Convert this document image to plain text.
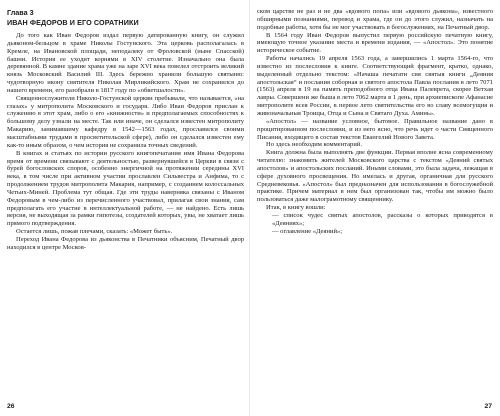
Глава 3
ИВАН ФЕДОРОВ И ЕГО СОРАТНИКИ

До того как Иван Федоров издал первую датированную книгу, он служил дьяконом-бельцом в храме Николы Гостунского. Эта церковь располагалась в Кремле, на Ивановской площади, неподалеку от Фроловской (ныне Спасской) башни. История ее уходит корнями в XIV столетие. Изначально она была деревянной. В камне здание храма уже на заре XVI века повелел отстроить великий князь Московский Василий III. Здесь бережно хранили большую святыню: чудотворную икону святителя Николая Мирликийского. Храм не сохранился до нашего времени, его разобрали в 1817 году по «обветшалости».

Священнослужители Николо-Гостунской церкви пребывали, что называется, «на глазах» у митрополита Московского и государя. Либо Иван Федоров прислан к служению в этот храм, либо о его «книжности» и предполагаемых способностях к большому делу узнали на месте. Так или иначе, он сделался известен митрополиту Макарию, занимавшему кафедру в 1542—1563 годах, прославился своими масштабными трудами в просветительской сфере), либо он сделался известен ему как-то иным образом, о чем история не сохранила точных сведений.

В книгах и статьях по истории русского книгопечатания имя Ивана Федорова время от времени связывают с деятельностью, развернувшейся в Церкви в связи с бурей богословских споров, особенно энергичной на протяжении середины XVI века, в том числе при активном участии прославлен Сильвестра и Анфима, то с продолжением трудов митрополита Макария, например, с созданием колоссальных Четьих-Миней. Проблема тут общая. Где эти труды наверняка связаны с Иваном Федоровым в чем-либо из перечисленного участвовал, прилагая свои знания, сам предполагать его участие в интеллектуальной работе, — не найдено. Есть лишь версия, не выходящая за рамки гипотезы, создателей которых, увы, не хватает лишь прямого подтверждения.

Остается лишь, пожав плечами, сказать: «Может быть».

Переход Ивана Федорова из дьяконства в Печатники объясним, Печатный двор находился в центре Москов-

26

ском царстве не раз и не два «вдового попа» или «вдового дьякона», известного обширными познаниями, перевод и храма, где он до этого служил, назначать на подобные работы, хотя бы не мог участвовать в богослужениях, на Печатный двор.

В 1564 году Иван Федоров выпустил первую российскую печатную книгу, имеющую точное указание места и времени издания, — «Апостол». Это понятие историческое событие.

Работы начались 19 апреля 1563 года, а завершились 1 марта 1564-го, что известно из послесловия к книге. Соответствующий фрагмент, кратко, однако, выделенный отдельно текстом: «Начаша печатати сия святыя книги „Деяния апостольская“ и послания соборная и святого апостола Павла послания в лето 7071 (1563) апреля в 19 на память преподобного отца Ивана Палеврета, скорее Ветхая лавры. Совершени же быша в лето 7062 марта в 1 день, при архиепископе Афанасие митрополите всея России, в первое лето святительства его во славу всемогущия и живоначальныя Троицы, Отца и Сына и Святаго Духа. Аминь».

«Апостол» — название условное, бытовое. Правильное название дано в процитированном послесловии, и из него ясно, что речь идет о части Священного Писания, входящего в состав текстов Евангелий Нового Завета.

Но здесь необходим комментарий.

Книга должна была выполнять две функции. Первая вполне ясна современному читателю: знакомить жителей Московского царства с текстом «Деяний святых апостолов» и апостольских посланий. Иными словами, это была задача, лежащая в сфере духовного просвещения. Но имелась и другая, органичная для русского Средневековья. «Апостол» был предназначен для использования в богослужебной практике. Причем материал в нем был организован так, чтобы им можно было пользоваться даже малограмотному священнику.

Итак, в книгу вошли:

— список чудес святых апостолов, рассказы о которых приводятся в «Деяниях»;

— оглавление «Деяний»;

27
